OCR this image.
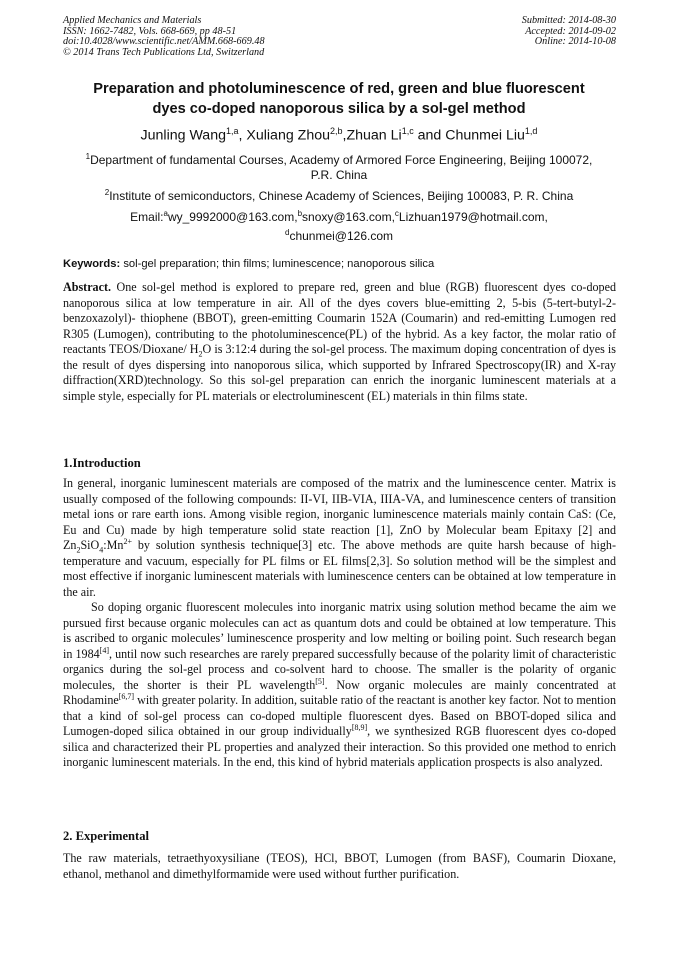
Applied Mechanics and Materials
ISSN: 1662-7482, Vols. 668-669, pp 48-51
doi:10.4028/www.scientific.net/AMM.668-669.48
© 2014 Trans Tech Publications Ltd, Switzerland
Submitted: 2014-08-30
Accepted: 2014-09-02
Online: 2014-10-08
Preparation and photoluminescence of red, green and blue fluorescent
dyes co-doped nanoporous silica by a sol-gel method
Junling Wang$^{1,a}$, Xuliang Zhou$^{2,b}$,Zhuan Li$^{1,c}$ and Chunmei Liu$^{1,d}$
$^1$Department of fundamental Courses, Academy of Armored Force Engineering, Beijing 100072,
P.R. China
$^2$Institute of semiconductors, Chinese Academy of Sciences, Beijing 100083, P. R. China
Email:$^a$wy_9992000@163.com,$^b$snoxy@163.com,$^c$Lizhuan1979@hotmail.com,
$^d$chunmei@126.com
Keywords: sol-gel preparation; thin films; luminescence; nanoporous silica
Abstract. One sol-gel method is explored to prepare red, green and blue (RGB) fluorescent dyes co-doped nanoporous silica at low temperature in air. All of the dyes covers blue-emitting 2, 5-bis (5-tert-butyl-2-benzoxazolyl)- thiophene (BBOT), green-emitting Coumarin 152A (Coumarin) and red-emitting Lumogen red R305 (Lumogen), contributing to the photoluminescence(PL) of the hybrid. As a key factor, the molar ratio of reactants TEOS/Dioxane/ $H_2O$ is 3:12:4 during the sol-gel process. The maximum doping concentration of dyes is the result of dyes dispersing into nanoporous silica, which supported by Infrared Spectroscopy(IR) and X-ray diffraction(XRD)technology. So this sol-gel preparation can enrich the inorganic luminescent materials at a simple style, especially for PL materials or electroluminescent (EL) materials in thin films state.
1.Introduction

In general, inorganic luminescent materials are composed of the matrix and the luminescence center. Matrix is usually composed of the following compounds: II-VI, IIB-VIA, IIIA-VA, and luminescence centers of transition metal ions or rare earth ions. Among visible region, inorganic luminescence materials mainly contain CaS: (Ce, Eu and Cu) made by high temperature solid state reaction [1], ZnO by Molecular beam Epitaxy [2] and $Zn_2SiO_4:Mn^{2+}$ by solution synthesis technique[3] etc. The above methods are quite harsh because of high-temperature and vacuum, especially for PL films or EL films[2,3]. So solution method will be the simplest and most effective if inorganic luminescent materials with luminescence centers can be obtained at low temperature in the air.

So doping organic fluorescent molecules into inorganic matrix using solution method became the aim we pursued first because organic molecules can act as quantum dots and could be obtained at low temperature. This is ascribed to organic molecules’ luminescence prosperity and low melting or boiling point. Such research began in 1984[4], until now such researches are rarely prepared successfully because of the polarity limit of characteristic organics during the sol-gel process and co-solvent hard to choose. The smaller is the polarity of organic molecules, the shorter is their PL wavelength[5]. Now organic molecules are mainly concentrated at Rhodamine[6,7] with greater polarity. In addition, suitable ratio of the reactant is another key factor. Not to mention that a kind of sol-gel process can co-doped multiple fluorescent dyes. Based on BBOT-doped silica and Lumogen-doped silica obtained in our group individually[8,9], we synthesized RGB fluorescent dyes co-doped silica and characterized their PL properties and analyzed their interaction. So this provided one method to enrich inorganic luminescent materials. In the end, this kind of hybrid materials application prospects is also analyzed.

2. Experimental
The raw materials, tetraethyoxysiliane (TEOS), HCl, BBOT, Lumogen (from BASF), Coumarin Dioxane, ethanol, methanol and dimethylformamide were used without further purification.
